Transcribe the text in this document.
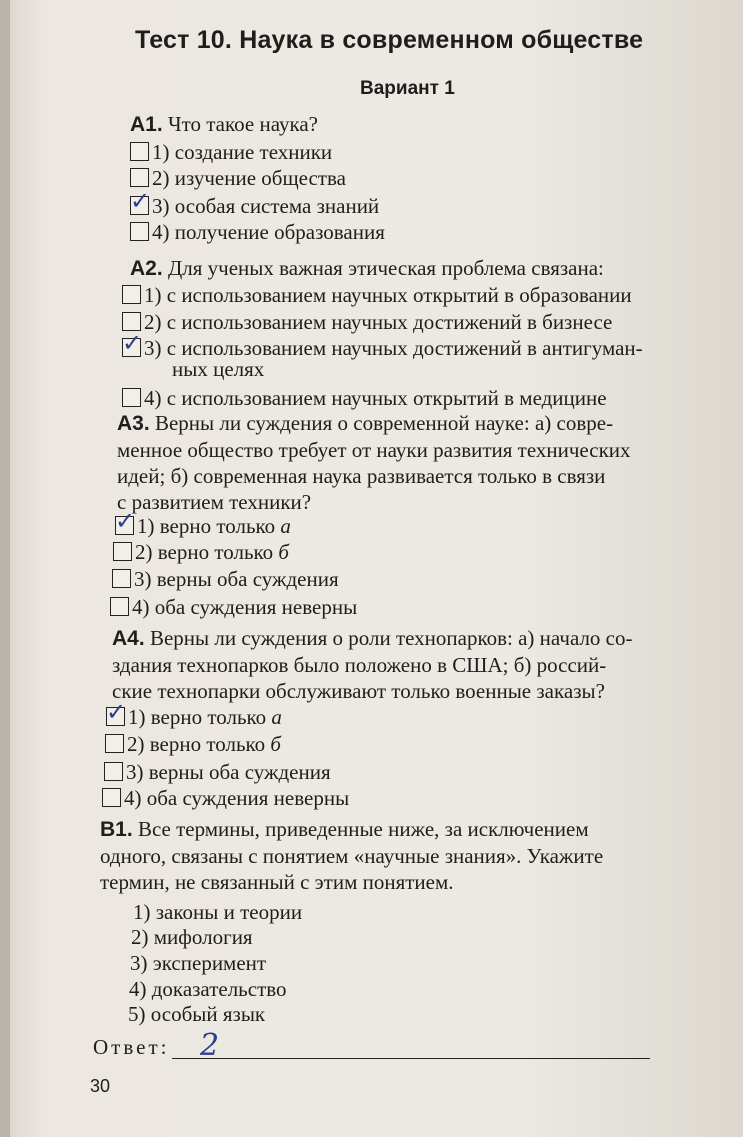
Тест 10. Наука в современном обществе
Вариант 1
А1. Что такое наука?
1) создание техники
2) изучение общества
✓ 3) особая система знаний
4) получение образования
А2. Для ученых важная этическая проблема связана:
1) с использованием научных открытий в образовании
2) с использованием научных достижений в бизнесе
✓ 3) с использованием научных достижений в антигуман-
ных целях
4) с использованием научных открытий в медицине
А3. Верны ли суждения о современной науке: а) совре-
менное общество требует от науки развития технических
идей; б) современная наука развивается только в связи
с развитием техники?
✓ 1) верно только а
2) верно только б
3) верны оба суждения
4) оба суждения неверны
А4. Верны ли суждения о роли технопарков: а) начало со-
здания технопарков было положено в США; б) россий-
ские технопарки обслуживают только военные заказы?
✓ 1) верно только а
2) верно только б
3) верны оба суждения
4) оба суждения неверны
В1. Все термины, приведенные ниже, за исключением
одного, связаны с понятием «научные знания». Укажите
термин, не связанный с этим понятием.
1) законы и теории
2) мифология
3) эксперимент
4) доказательство
5) особый язык
Ответ:	2
30
